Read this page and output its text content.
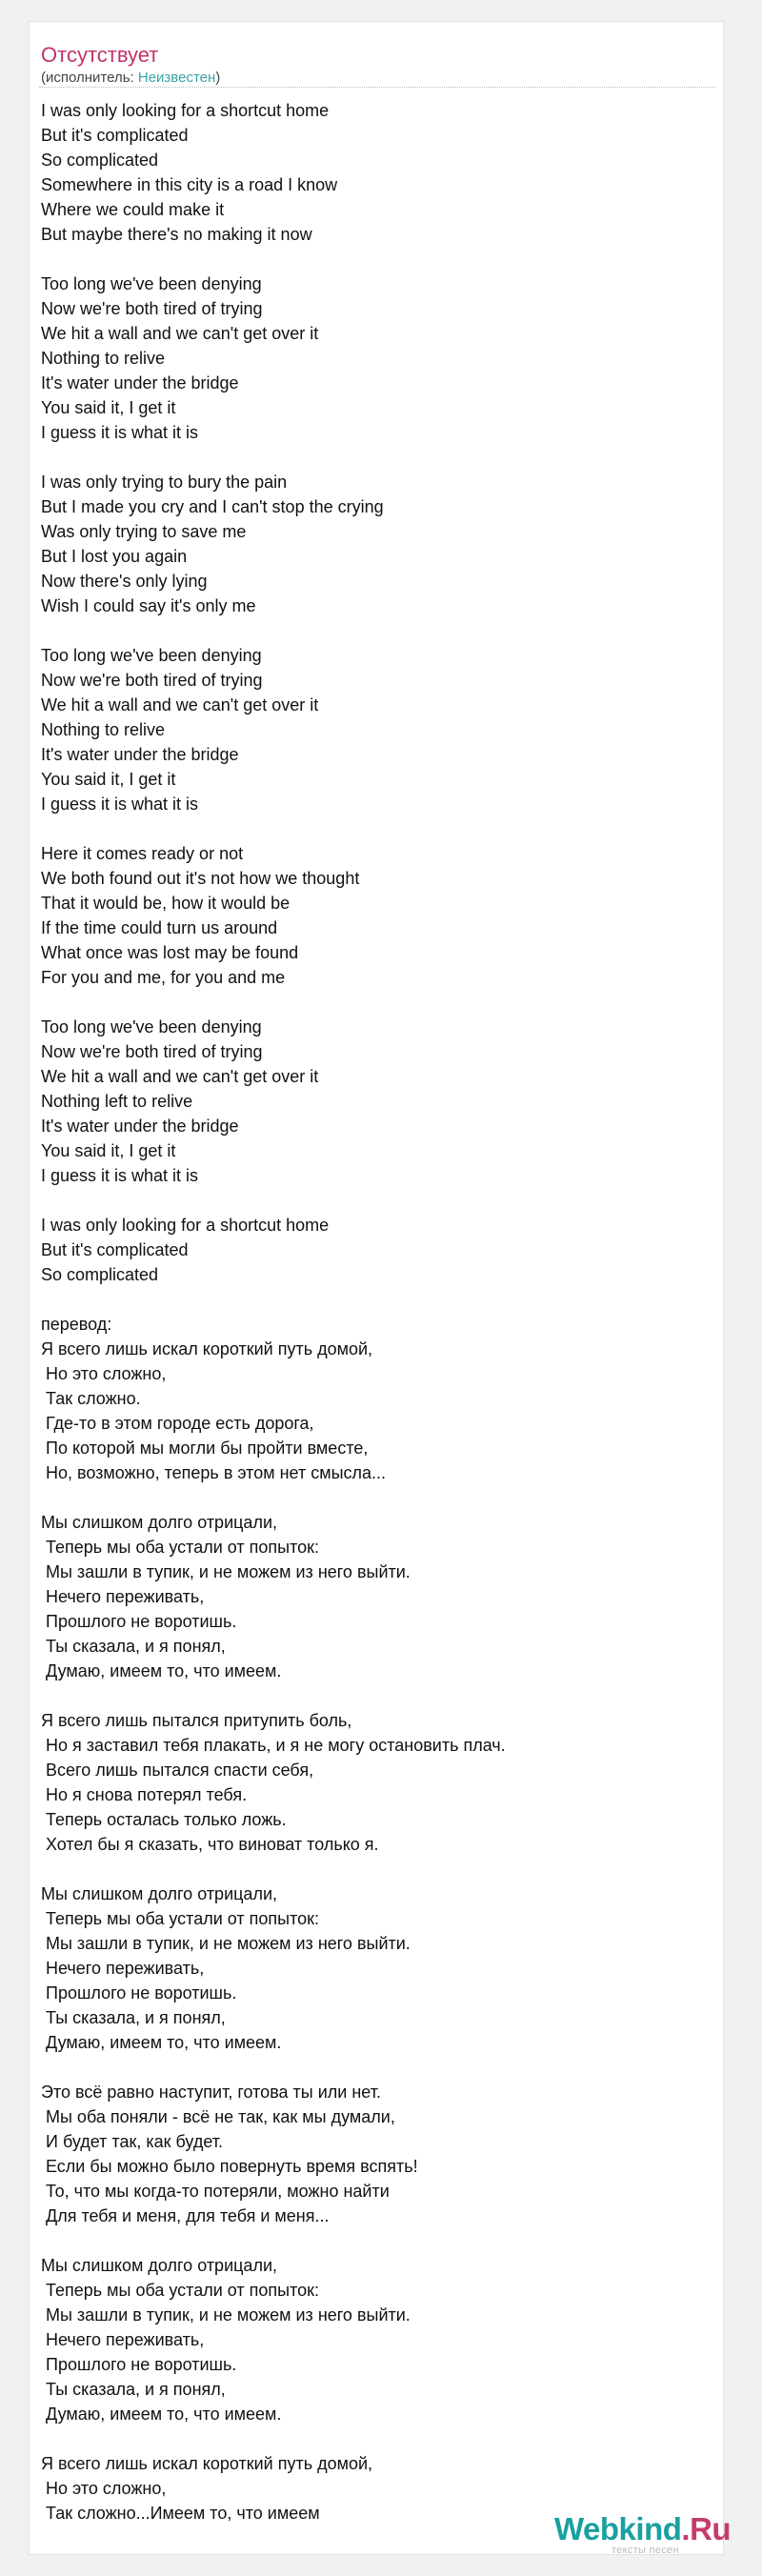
Отсутствует
(исполнитель: Неизвестен)
I was only looking for a shortcut home
But it's complicated
So complicated
Somewhere in this city is a road I know
Where we could make it
But maybe there's no making it now
Too long we've been denying
Now we're both tired of trying
We hit a wall and we can't get over it
Nothing to relive
It's water under the bridge
You said it, I get it
I guess it is what it is
I was only trying to bury the pain
But I made you cry and I can't stop the crying
Was only trying to save me
But I lost you again
Now there's only lying
Wish I could say it's only me
Too long we've been denying
Now we're both tired of trying
We hit a wall and we can't get over it
Nothing to relive
It's water under the bridge
You said it, I get it
I guess it is what it is
Here it comes ready or not
We both found out it's not how we thought
That it would be, how it would be
If the time could turn us around
What once was lost may be found
For you and me, for you and me
Too long we've been denying
Now we're both tired of trying
We hit a wall and we can't get over it
Nothing left to relive
It's water under the bridge
You said it, I get it
I guess it is what it is
I was only looking for a shortcut home
But it's complicated
So complicated
перевод:
Я всего лишь искал короткий путь домой,
Но это сложно,
Так сложно.
Где-то в этом городе есть дорога,
По которой мы могли бы пройти вместе,
Но, возможно, теперь в этом нет смысла...
Мы слишком долго отрицали,
Теперь мы оба устали от попыток:
Мы зашли в тупик, и не можем из него выйти.
Нечего переживать,
Прошлого не воротишь.
Ты сказала, и я понял,
Думаю, имеем то, что имеем.
Я всего лишь пытался притупить боль,
Но я заставил тебя плакать, и я не могу остановить плач.
Всего лишь пытался спасти себя,
Но я снова потерял тебя.
Теперь осталась только ложь.
Хотел бы я сказать, что виноват только я.
Мы слишком долго отрицали,
Теперь мы оба устали от попыток:
Мы зашли в тупик, и не можем из него выйти.
Нечего переживать,
Прошлого не воротишь.
Ты сказала, и я понял,
Думаю, имеем то, что имеем.
Это всё равно наступит, готова ты или нет.
Мы оба поняли - всё не так, как мы думали,
И будет так, как будет.
Если бы можно было повернуть время вспять!
То, что мы когда-то потеряли, можно найти
Для тебя и меня, для тебя и меня...
Мы слишком долго отрицали,
Теперь мы оба устали от попыток:
Мы зашли в тупик, и не можем из него выйти.
Нечего переживать,
Прошлого не воротишь.
Ты сказала, и я понял,
Думаю, имеем то, что имеем.
Я всего лишь искал короткий путь домой,
Но это сложно,
Так сложно...Имеем то, что имеем	Webkind.Ru
тексты песен
